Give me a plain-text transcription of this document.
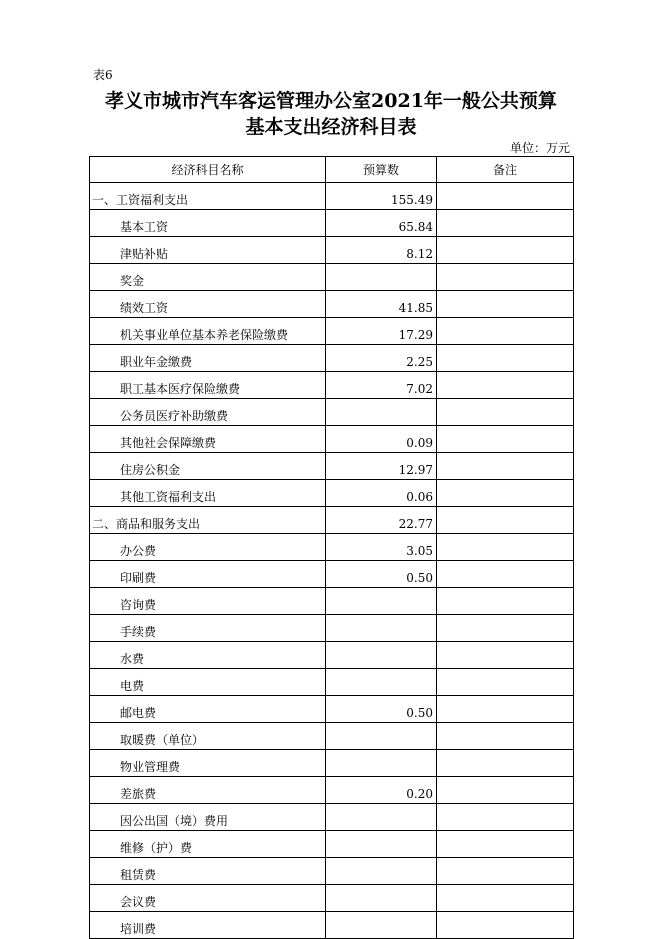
表6
孝义市城市汽车客运管理办公室2021年一般公共预算
基本支出经济科目表
单位：万元
经济科目名称	预算数	备注
一、工资福利支出	155.49	
基本工资	65.84	
津贴补贴	8.12	
奖金		
绩效工资	41.85	
机关事业单位基本养老保险缴费	17.29	
职业年金缴费	2.25	
职工基本医疗保险缴费	7.02	
公务员医疗补助缴费		
其他社会保障缴费	0.09	
住房公积金	12.97	
其他工资福利支出	0.06	
二、商品和服务支出	22.77	
办公费	3.05	
印刷费	0.50	
咨询费		
手续费		
水费		
电费		
邮电费	0.50	
取暖费（单位）		
物业管理费		
差旅费	0.20	
因公出国（境）费用		
维修（护）费		
租赁费		
会议费		
培训费		
